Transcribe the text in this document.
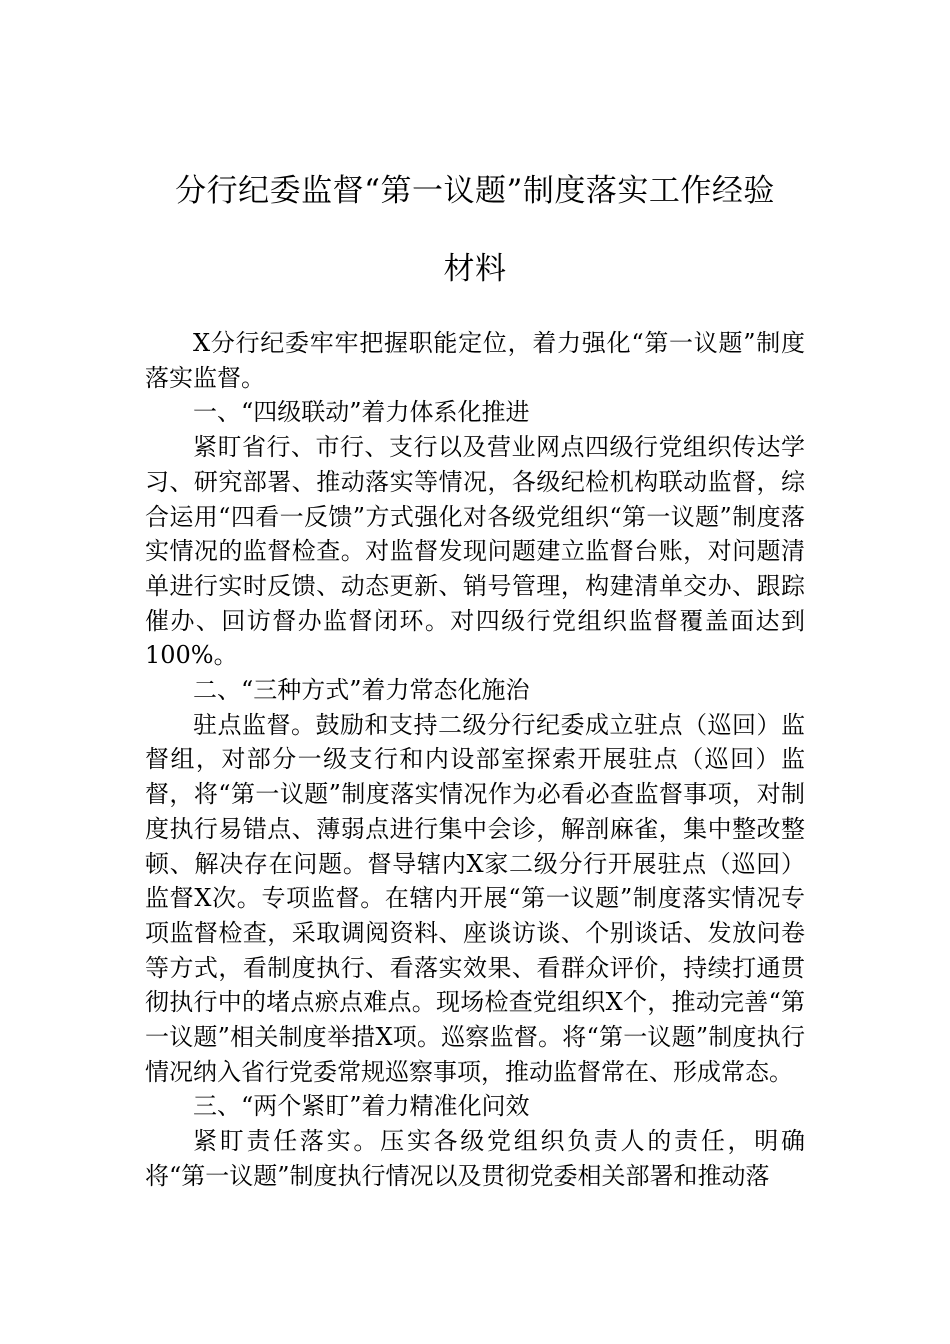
分行纪委监督“第一议题”制度落实工作经验
材料

X分行纪委牢牢把握职能定位，着力强化“第一议题”制度落实监督。

一、“四级联动”着力体系化推进

紧盯省行、市行、支行以及营业网点四级行党组织传达学习、研究部署、推动落实等情况，各级纪检机构联动监督，综合运用“四看一反馈”方式强化对各级党组织“第一议题”制度落实情况的监督检查。对监督发现问题建立监督台账，对问题清单进行实时反馈、动态更新、销号管理，构建清单交办、跟踪催办、回访督办监督闭环。对四级行党组织监督覆盖面达到100%。

二、“三种方式”着力常态化施治

驻点监督。鼓励和支持二级分行纪委成立驻点（巡回）监督组，对部分一级支行和内设部室探索开展驻点（巡回）监督，将“第一议题”制度落实情况作为必看必查监督事项，对制度执行易错点、薄弱点进行集中会诊，解剖麻雀，集中整改整顿、解决存在问题。督导辖内X家二级分行开展驻点（巡回）监督X次。专项监督。在辖内开展“第一议题”制度落实情况专项监督检查，采取调阅资料、座谈访谈、个别谈话、发放问卷等方式，看制度执行、看落实效果、看群众评价，持续打通贯彻执行中的堵点瘀点难点。现场检查党组织X个，推动完善“第一议题”相关制度举措X项。巡察监督。将“第一议题”制度执行情况纳入省行党委常规巡察事项，推动监督常在、形成常态。

三、“两个紧盯”着力精准化问效

紧盯责任落实。压实各级党组织负责人的责任，明确将“第一议题”制度执行情况以及贯彻党委相关部署和推动落
